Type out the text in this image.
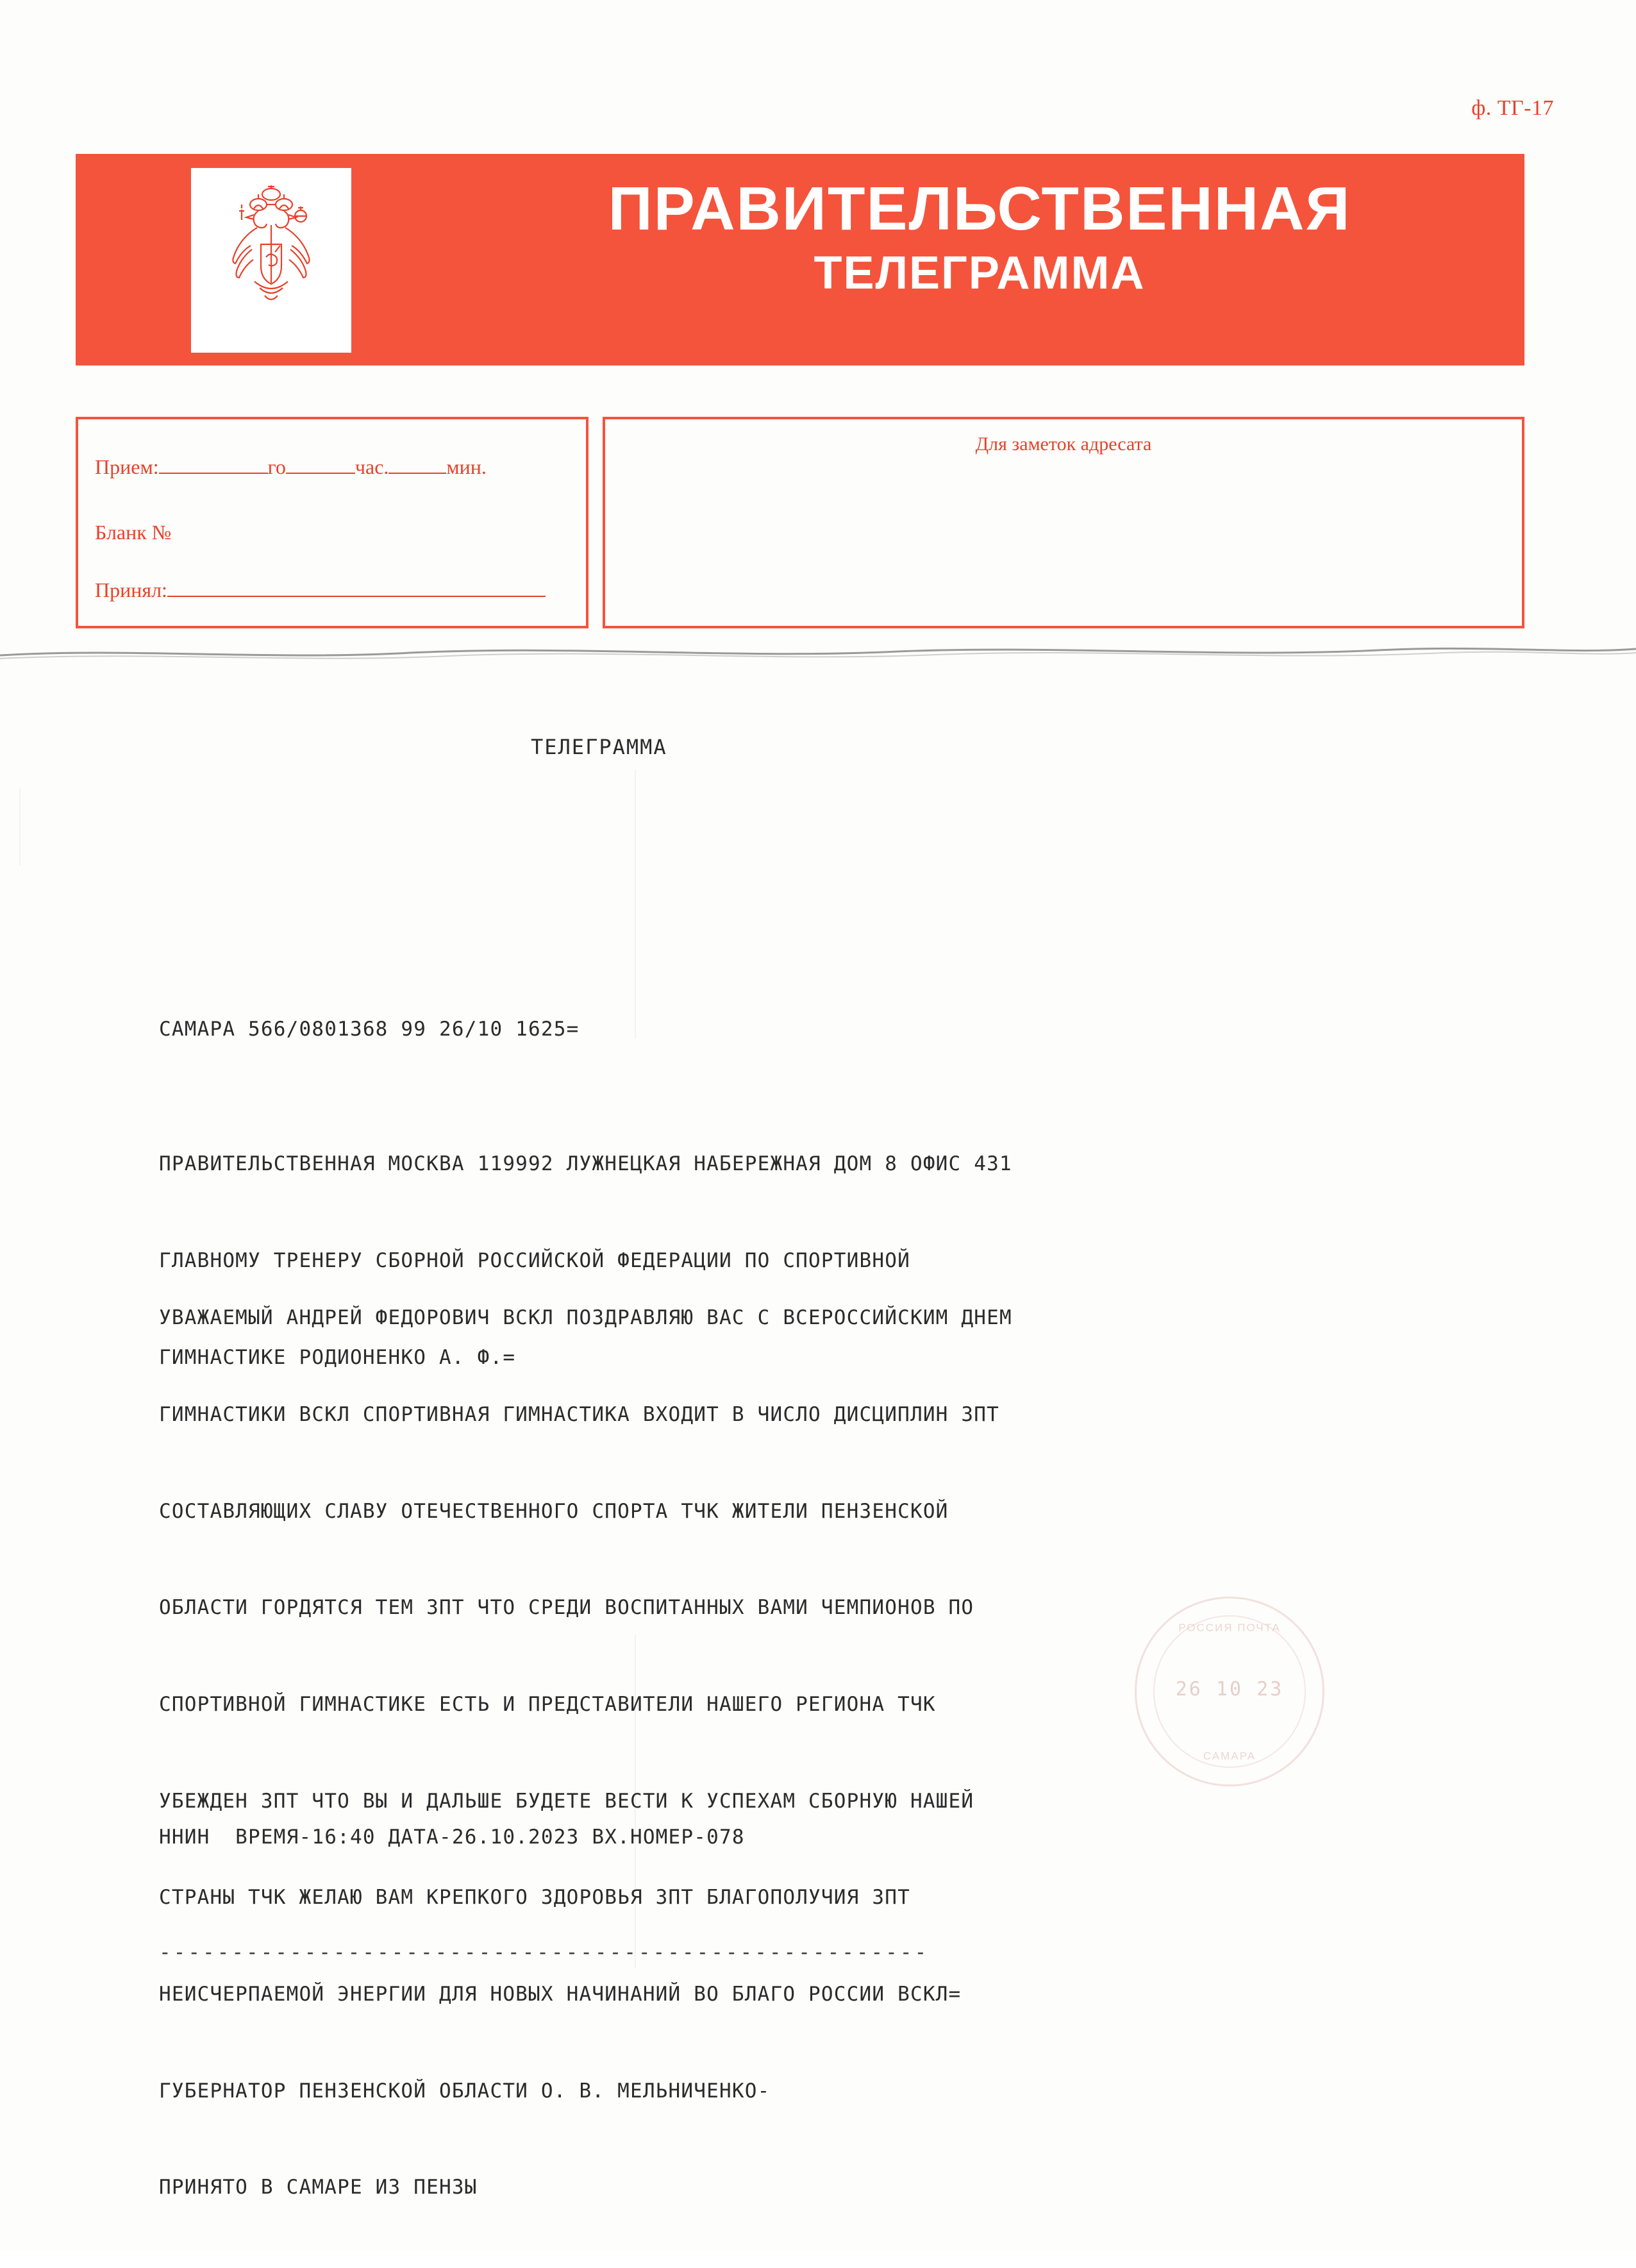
ф. ТГ-17
ПРАВИТЕЛЬСТВЕННАЯ
ТЕЛЕГРАММА
Прием:	го	час.	мин.
Бланк №
Принял:
Для заметок адресата
ТЕЛЕГРАММА
САМАРА 566/0801368 99 26/10 1625=

ПРАВИТЕЛЬСТВЕННАЯ МОСКВА 119992 ЛУЖНЕЦКАЯ НАБЕРЕЖНАЯ ДОМ 8 ОФИС 431

ГЛАВНОМУ ТРЕНЕРУ СБОРНОЙ РОССИЙСКОЙ ФЕДЕРАЦИИ ПО СПОРТИВНОЙ

ГИМНАСТИКЕ РОДИОНЕНКО А. Ф.=

УВАЖАЕМЫЙ АНДРЕЙ ФЕДОРОВИЧ ВСКЛ ПОЗДРАВЛЯЮ ВАС С ВСЕРОССИЙСКИМ ДНЕМ

ГИМНАСТИКИ ВСКЛ СПОРТИВНАЯ ГИМНАСТИКА ВХОДИТ В ЧИСЛО ДИСЦИПЛИН ЗПТ

СОСТАВЛЯЮЩИХ СЛАВУ ОТЕЧЕСТВЕННОГО СПОРТА ТЧК ЖИТЕЛИ ПЕНЗЕНСКОЙ

ОБЛАСТИ ГОРДЯТСЯ ТЕМ ЗПТ ЧТО СРЕДИ ВОСПИТАННЫХ ВАМИ ЧЕМПИОНОВ ПО

СПОРТИВНОЙ ГИМНАСТИКЕ ЕСТЬ И ПРЕДСТАВИТЕЛИ НАШЕГО РЕГИОНА ТЧК

УБЕЖДЕН ЗПТ ЧТО ВЫ И ДАЛЬШЕ БУДЕТЕ ВЕСТИ К УСПЕХАМ СБОРНУЮ НАШЕЙ

СТРАНЫ ТЧК ЖЕЛАЮ ВАМ КРЕПКОГО ЗДОРОВЬЯ ЗПТ БЛАГОПОЛУЧИЯ ЗПТ

НЕИСЧЕРПАЕМОЙ ЭНЕРГИИ ДЛЯ НОВЫХ НАЧИНАНИЙ ВО БЛАГО РОССИИ ВСКЛ=

ГУБЕРНАТОР ПЕНЗЕНСКОЙ ОБЛАСТИ О. В. МЕЛЬНИЧЕНКО-

ПРИНЯТО В САМАРЕ ИЗ ПЕНЗЫ

РОССИЯ ПОЧТА
26 10 23
САМАРА
ННИН  ВРЕМЯ-16:40 ДАТА-26.10.2023 ВХ.НОМЕР-078
-----------------------------------------------------
